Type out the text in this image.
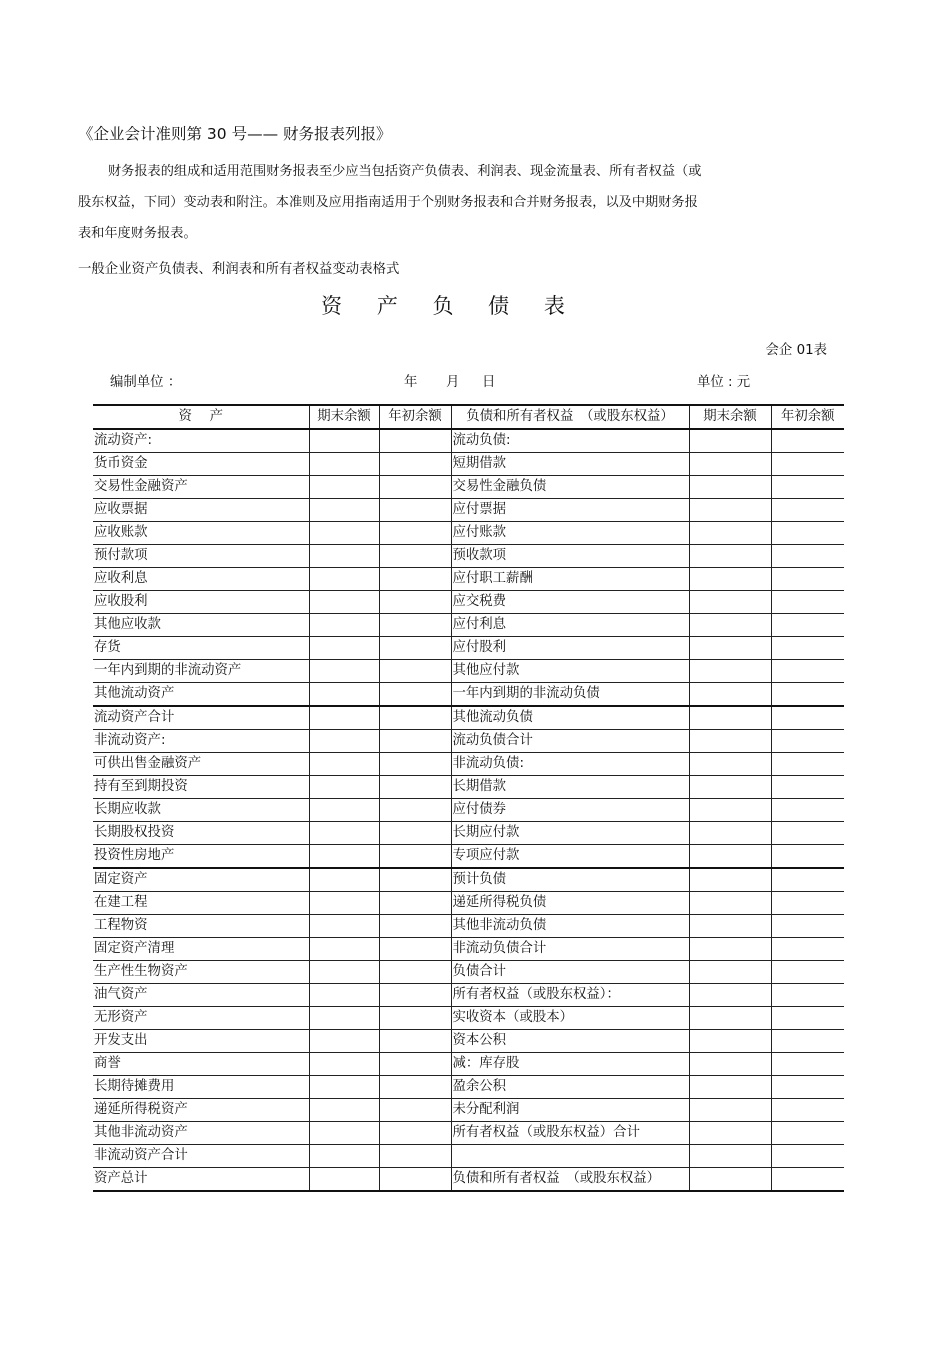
《企业会计准则第 30 号—— 财务报表列报》
财务报表的组成和适用范围财务报表至少应当包括资产负债表、利润表、现金流量表、所有者权益（或
股东权益，下同）变动表和附注。本准则及应用指南适用于个别财务报表和合并财务报表，以及中期财务报
表和年度财务报表。
一般企业资产负债表、利润表和所有者权益变动表格式
资 产 负 债 表
会企 01表
编制单位 ：	年 月 日	单位 : 元
资　 产	期末余额	年初余额	负债和所有者权益　（或股东权益）	期末余额	年初余额
流动资产:			流动负债:		
货币资金			短期借款		
交易性金融资产			交易性金融负债		
应收票据			应付票据		
应收账款			应付账款		
预付款项			预收款项		
应收利息			应付职工薪酬		
应收股利			应交税费		
其他应收款			应付利息		
存货			应付股利		
一年内到期的非流动资产			其他应付款		
其他流动资产			一年内到期的非流动负债		
流动资产合计			其他流动负债		
非流动资产:			流动负债合计		
可供出售金融资产			非流动负债:		
持有至到期投资			长期借款		
长期应收款			应付债券		
长期股权投资			长期应付款		
投资性房地产			专项应付款		
固定资产			预计负债		
在建工程			递延所得税负债		
工程物资			其他非流动负债		
固定资产清理			非流动负债合计		
生产性生物资产			负债合计		
油气资产			所有者权益（或股东权益）：		
无形资产			实收资本（或股本）		
开发支出			资本公积		
商誉			减：库存股		
长期待摊费用			盈余公积		
递延所得税资产			未分配利润		
其他非流动资产			所有者权益（或股东权益）合计		
非流动资产合计					
资产总计			负债和所有者权益　（或股东权益）		
